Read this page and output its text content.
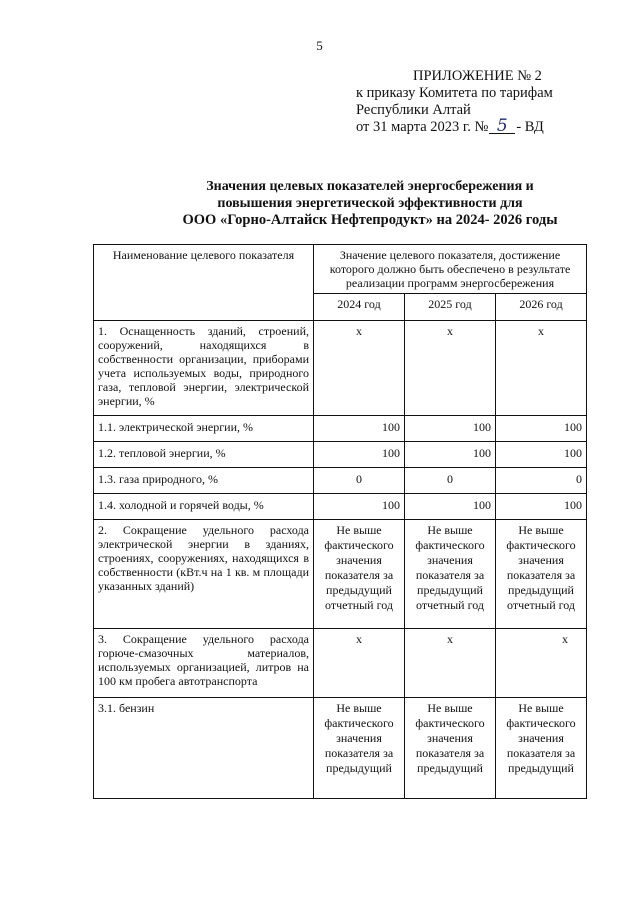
5
ПРИЛОЖЕНИЕ № 2
к приказу Комитета по тарифам
Республики Алтай
от 31 марта 2023 г. № 5 - ВД
Значения целевых показателей энергосбережения и
повышения энергетической эффективности для
ООО «Горно-Алтайск Нефтепродукт» на 2024- 2026 годы
Наименование целевого показателя	Значение целевого показателя, достижение которого должно быть обеспечено в результате реализации программ энергосбережения		
	2024 год	2025 год	2026 год
1. Оснащенность зданий, строений, сооружений, находящихся в собственности организации, приборами учета используемых воды, природного газа, тепловой энергии, электрической энергии, %	x	x	x
1.1. электрической энергии, %	100	100	100
1.2. тепловой энергии, %	100	100	100
1.3. газа природного, %	0	0	0
1.4. холодной и горячей воды, %	100	100	100
2. Сокращение удельного расхода электрической энергии в зданиях, строениях, сооружениях, находящихся в собственности (кВт.ч на 1 кв. м площади указанных зданий)	Не выше фактического значения показателя за предыдущий отчетный год	Не выше фактического значения показателя за предыдущий отчетный год	Не выше фактического значения показателя за предыдущий отчетный год
3. Сокращение удельного расхода горюче-смазочных материалов, используемых организацией, литров на 100 км пробега автотранспорта	x	x	x
3.1. бензин	Не выше фактического значения показателя за предыдущий	Не выше фактического значения показателя за предыдущий	Не выше фактического значения показателя за предыдущий
